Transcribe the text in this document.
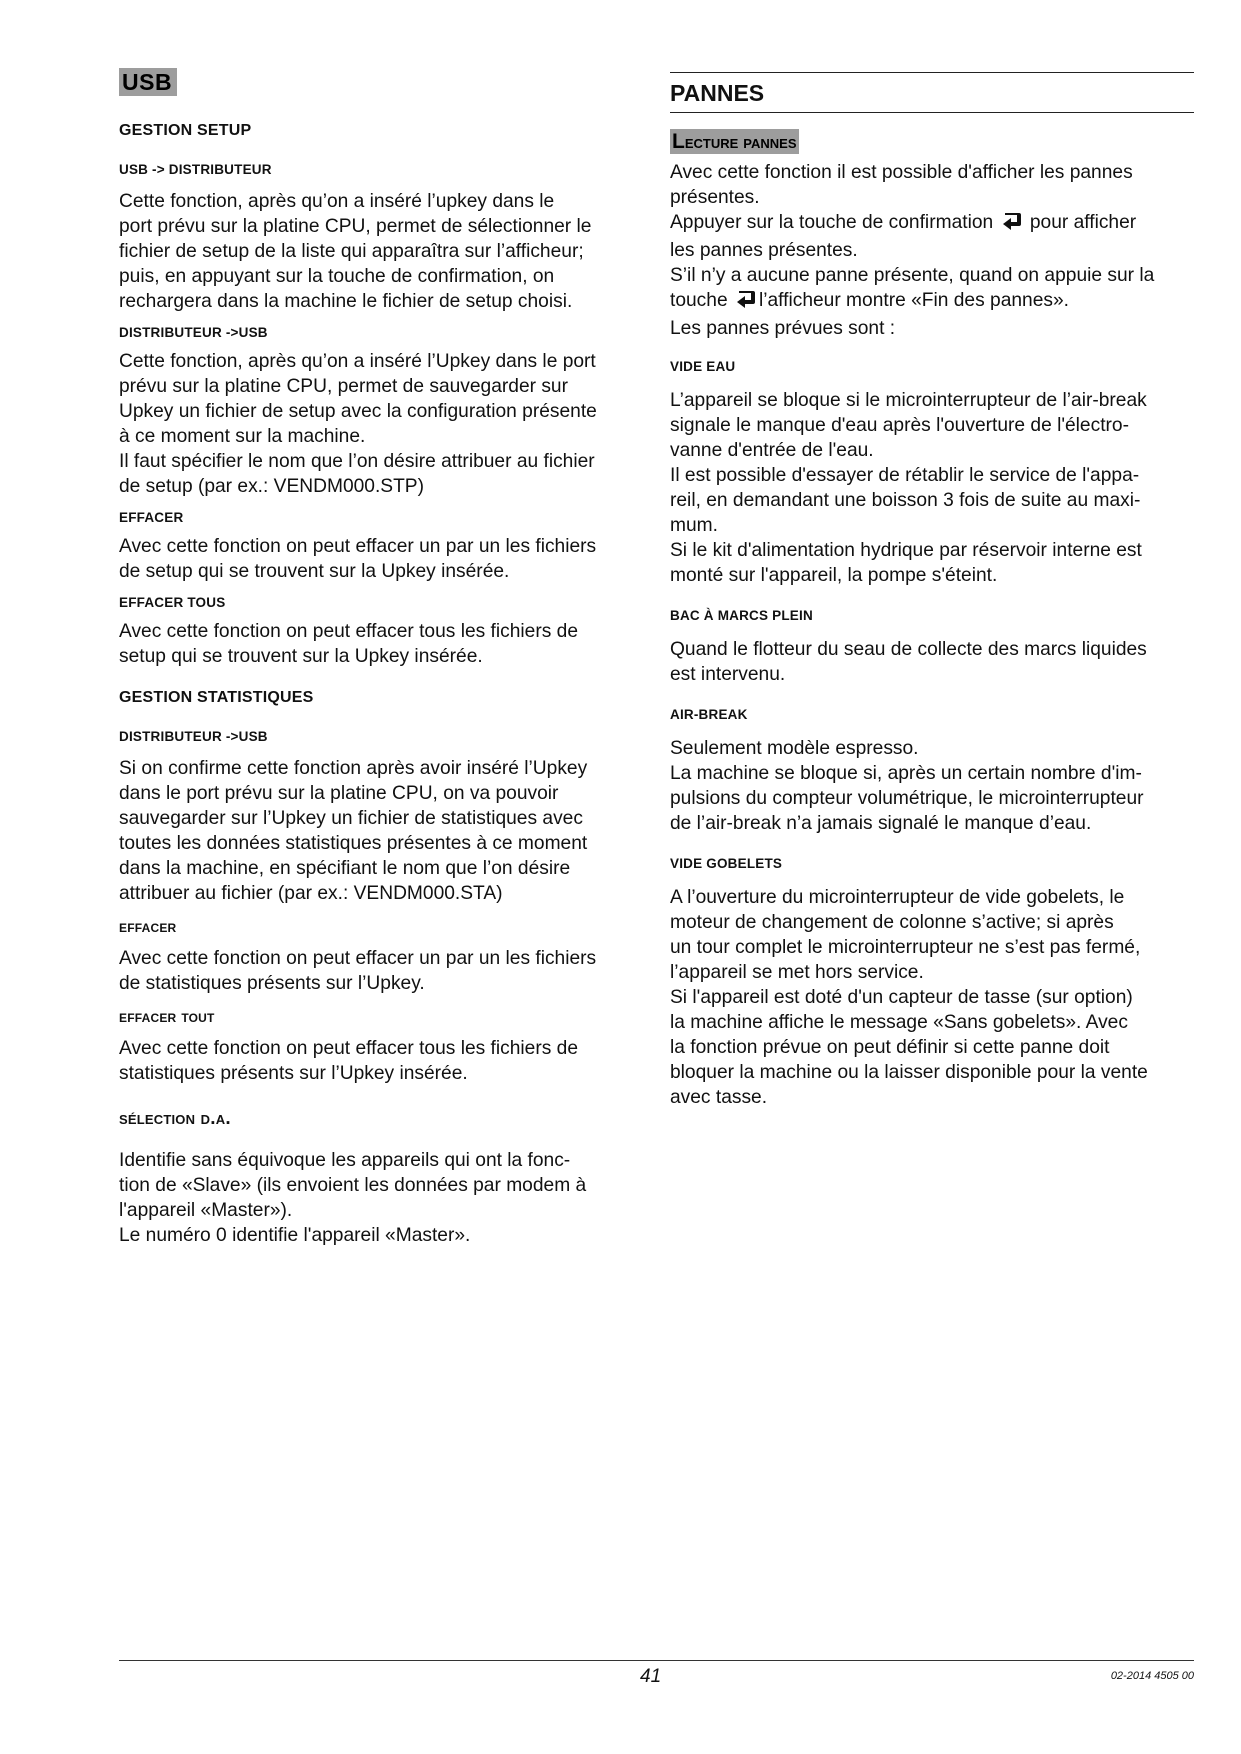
USB
GESTION SETUP
USB -> DISTRIBUTEUR
Cette fonction, après qu’on a inséré l’upkey dans le
port prévu sur la platine CPU, permet de sélectionner le
fichier de setup de la liste qui apparaîtra sur l’afficheur;
puis, en appuyant sur la touche de confirmation, on
rechargera dans la machine le fichier de setup choisi.
DISTRIBUTEUR ->USB
Cette fonction, après qu’on a inséré l’Upkey dans le port
prévu sur la platine CPU, permet de sauvegarder sur
Upkey un fichier de setup avec la configuration présente
à ce moment sur la machine.
Il faut spécifier le nom que l’on désire attribuer au fichier
de setup (par ex.: VENDM000.STP)
EFFACER
Avec cette fonction on peut effacer un par un les fichiers
de setup qui se trouvent sur la Upkey insérée.
EFFACER TOUS
Avec cette fonction on peut effacer tous les fichiers de
setup qui se trouvent sur la Upkey insérée.
GESTION STATISTIQUES
DISTRIBUTEUR ->USB
Si on confirme cette fonction après avoir inséré l’Upkey
dans le port prévu sur la platine CPU, on va pouvoir
sauvegarder sur l’Upkey un fichier de statistiques avec
toutes les données statistiques présentes à ce moment
dans la machine, en spécifiant le nom que l’on désire
attribuer au fichier (par ex.: VENDM000.STA)
effacer
Avec cette fonction on peut effacer un par un les fichiers
de statistiques présents sur l’Upkey.
effacer tout
Avec cette fonction on peut effacer tous les fichiers de
statistiques présents sur l’Upkey insérée.
sélection d.a.
Identifie sans équivoque les appareils qui ont la fonc-
tion de «Slave» (ils envoient les données par modem à
l'appareil «Master»).
Le numéro 0 identifie l'appareil «Master».
PANNES
Lecture pannes
Avec cette fonction il est possible d'afficher les pannes
présentes.
Appuyer sur la touche de confirmation pour afficher
les pannes présentes.
S’il n’y a aucune panne présente, quand on appuie sur la
touche l’afficheur montre «Fin des pannes».
Les pannes prévues sont :
VIDE EAU
L’appareil se bloque si le microinterrupteur de l’air-break
signale le manque d'eau après l'ouverture de l'électro-
vanne d'entrée de l'eau.
Il est possible d'essayer de rétablir le service de l'appa-
reil, en demandant une boisson 3 fois de suite au maxi-
mum.
Si le kit d'alimentation hydrique par réservoir interne est
monté sur l'appareil, la pompe s'éteint.
BAC À MARCS PLEIN
Quand le flotteur du seau de collecte des marcs liquides
est intervenu.
AIR-BREAK
Seulement modèle espresso.
La machine se bloque si, après un certain nombre d'im-
pulsions du compteur volumétrique, le microinterrupteur
de l’air-break n’a jamais signalé le manque d’eau.
VIDE GOBELETS
A l’ouverture du microinterrupteur de vide gobelets, le
moteur de changement de colonne s’active; si après
un tour complet le microinterrupteur ne s’est pas fermé,
l’appareil se met hors service.
Si l'appareil est doté d'un capteur de tasse (sur option)
la machine affiche le message «Sans gobelets». Avec
la fonction prévue on peut définir si cette panne doit
bloquer la machine ou la laisser disponible pour la vente
avec tasse.
41	02-2014 4505 00
